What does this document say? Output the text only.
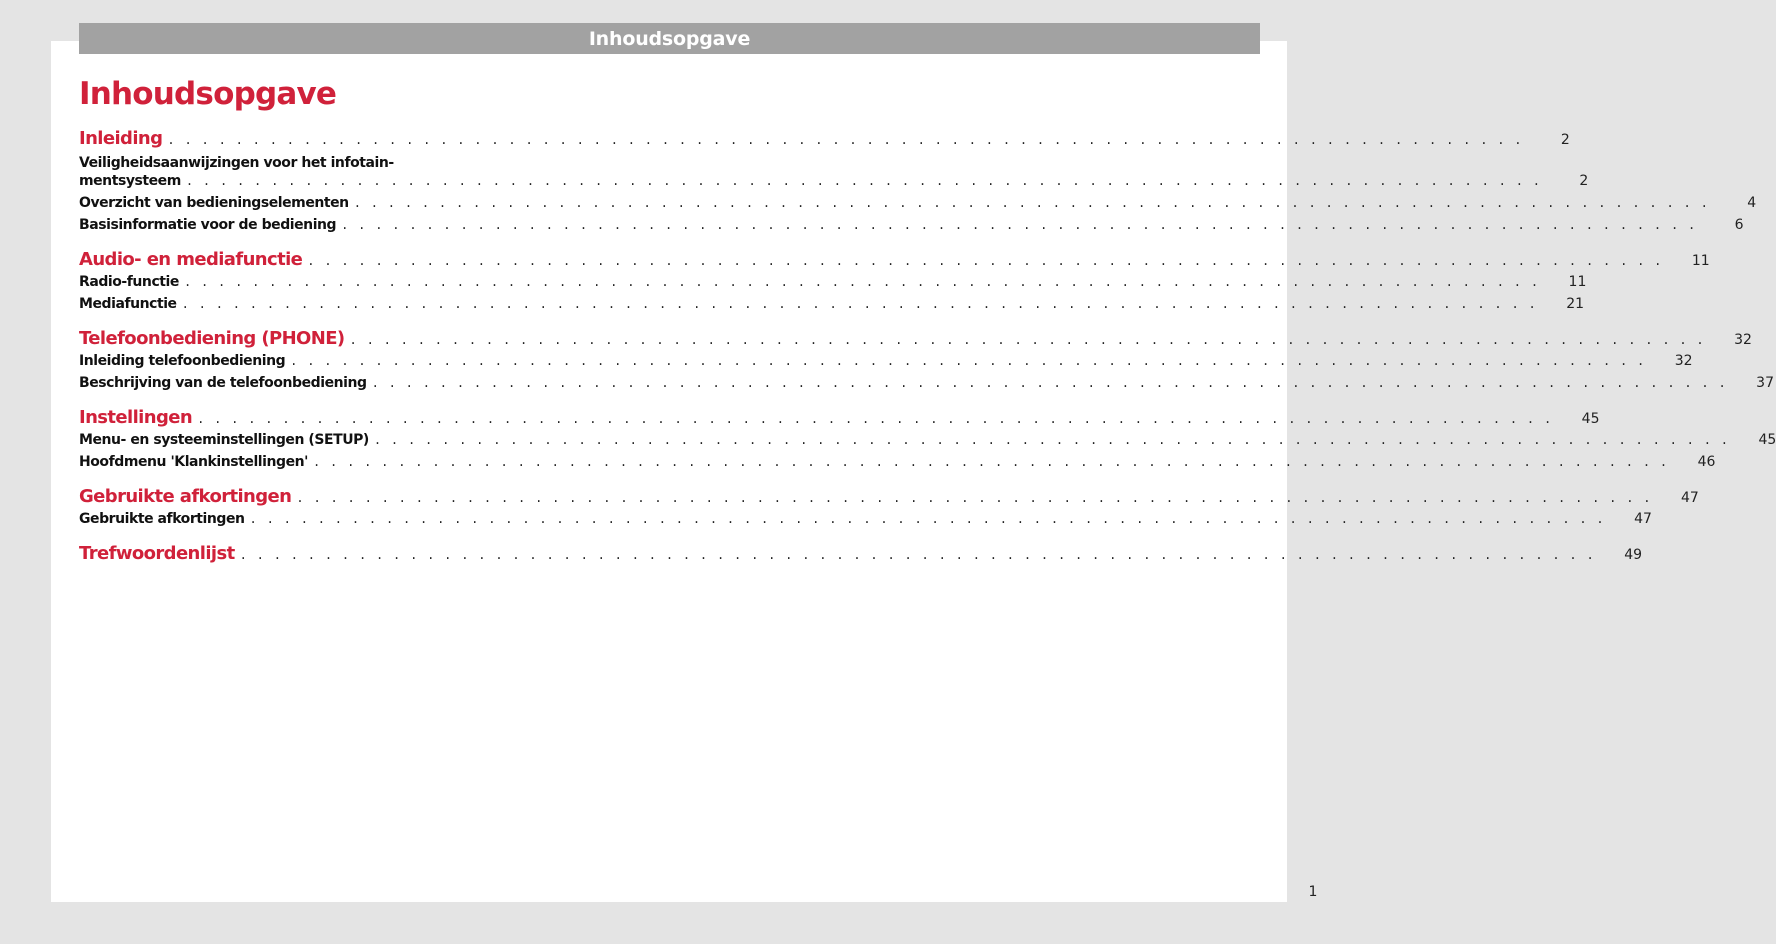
Inhoudsopgave
Inhoudsopgave
Inleiding . . . . . . . . . . . . . . . . . . . . . . . . . . . . . . . . . . . . . . . . . . . . . . . . . . . . . . . . . . . . . . . . . . . . . . . . . . . . . . . .	2
Veiligheidsaanwijzingen voor het infotain-
mentsysteem . . . . . . . . . . . . . . . . . . . . . . . . . . . . . . . . . . . . . . . . . . . . . . . . . . . . . . . . . . . . . . . . . . . . . . . . . . . . . . . .	2
Overzicht van bedieningselementen . . . . . . . . . . . . . . . . . . . . . . . . . . . . . . . . . . . . . . . . . . . . . . . . . . . . . . . . . . . . . . . . . . . . . . . . . . . . . . . .	4
Basisinformatie voor de bediening . . . . . . . . . . . . . . . . . . . . . . . . . . . . . . . . . . . . . . . . . . . . . . . . . . . . . . . . . . . . . . . . . . . . . . . . . . . . . . . .	6
Audio- en mediafunctie . . . . . . . . . . . . . . . . . . . . . . . . . . . . . . . . . . . . . . . . . . . . . . . . . . . . . . . . . . . . . . . . . . . . . . . . . . . . . . . .	11
Radio-functie . . . . . . . . . . . . . . . . . . . . . . . . . . . . . . . . . . . . . . . . . . . . . . . . . . . . . . . . . . . . . . . . . . . . . . . . . . . . . . . .	11
Mediafunctie . . . . . . . . . . . . . . . . . . . . . . . . . . . . . . . . . . . . . . . . . . . . . . . . . . . . . . . . . . . . . . . . . . . . . . . . . . . . . . . .	21
Telefoonbediening (PHONE) . . . . . . . . . . . . . . . . . . . . . . . . . . . . . . . . . . . . . . . . . . . . . . . . . . . . . . . . . . . . . . . . . . . . . . . . . . . . . . . .	32
Inleiding telefoonbediening . . . . . . . . . . . . . . . . . . . . . . . . . . . . . . . . . . . . . . . . . . . . . . . . . . . . . . . . . . . . . . . . . . . . . . . . . . . . . . . .	32
Beschrijving van de telefoonbediening . . . . . . . . . . . . . . . . . . . . . . . . . . . . . . . . . . . . . . . . . . . . . . . . . . . . . . . . . . . . . . . . . . . . . . . . . . . . . . . .	37
Instellingen . . . . . . . . . . . . . . . . . . . . . . . . . . . . . . . . . . . . . . . . . . . . . . . . . . . . . . . . . . . . . . . . . . . . . . . . . . . . . . . .	45
Menu- en systeeminstellingen (SETUP) . . . . . . . . . . . . . . . . . . . . . . . . . . . . . . . . . . . . . . . . . . . . . . . . . . . . . . . . . . . . . . . . . . . . . . . . . . . . . . . .	45
Hoofdmenu 'Klankinstellingen' . . . . . . . . . . . . . . . . . . . . . . . . . . . . . . . . . . . . . . . . . . . . . . . . . . . . . . . . . . . . . . . . . . . . . . . . . . . . . . . .	46
Gebruikte afkortingen . . . . . . . . . . . . . . . . . . . . . . . . . . . . . . . . . . . . . . . . . . . . . . . . . . . . . . . . . . . . . . . . . . . . . . . . . . . . . . . .	47
Gebruikte afkortingen . . . . . . . . . . . . . . . . . . . . . . . . . . . . . . . . . . . . . . . . . . . . . . . . . . . . . . . . . . . . . . . . . . . . . . . . . . . . . . . .	47
Trefwoordenlijst . . . . . . . . . . . . . . . . . . . . . . . . . . . . . . . . . . . . . . . . . . . . . . . . . . . . . . . . . . . . . . . . . . . . . . . . . . . . . . . .	49
1
